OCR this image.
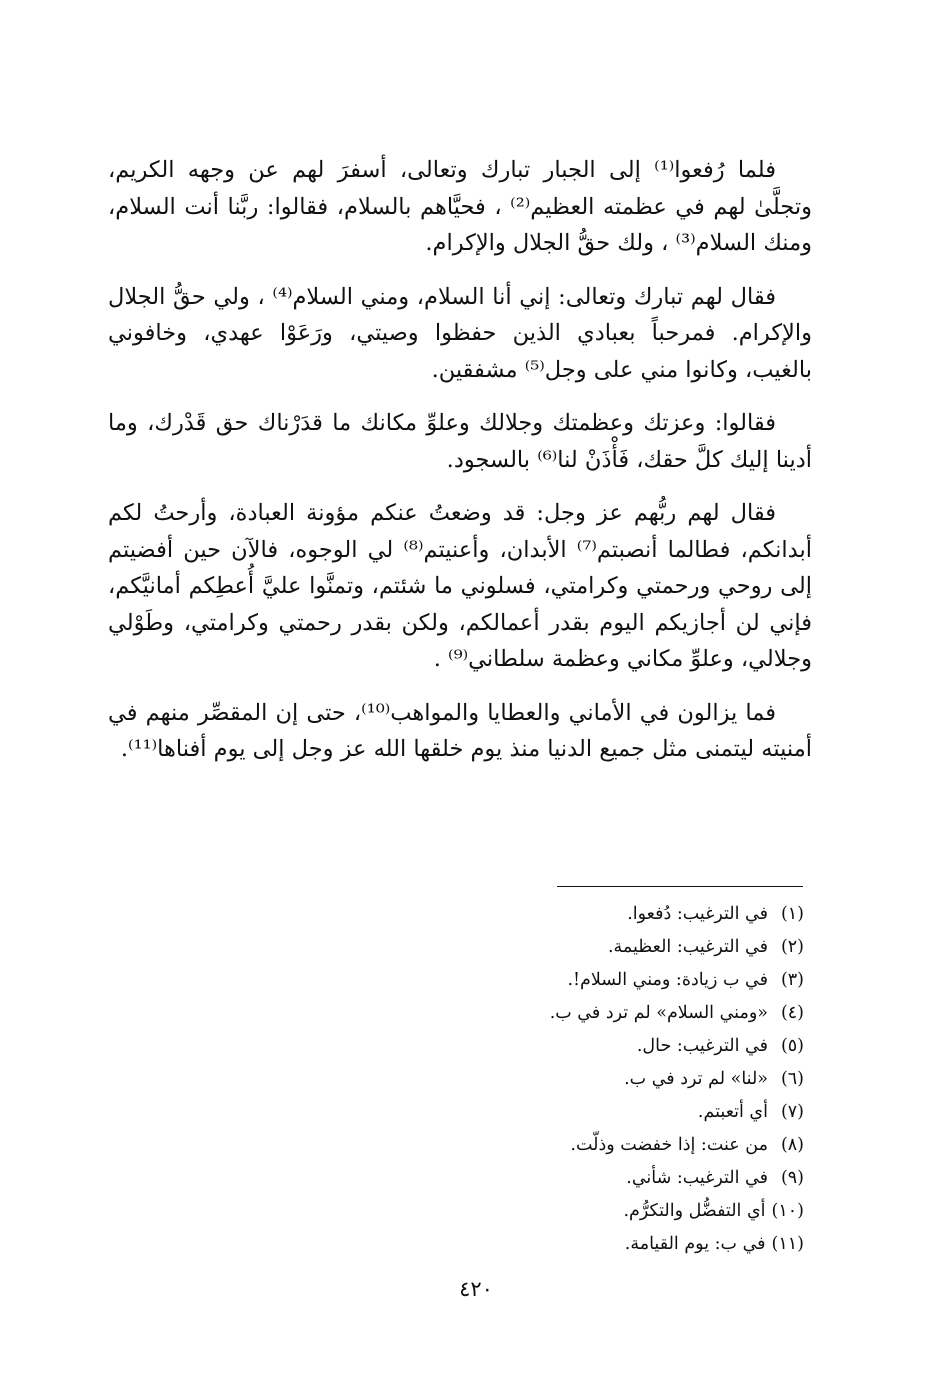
فلما رُفعوا⁽¹⁾ إلى الجبار تبارك وتعالى، أسفرَ لهم عن وجهه الكريم، وتجلَّىٰ لهم في عظمته العظيم⁽²⁾ ، فحيَّاهم بالسلام، فقالوا: ربَّنا أنت السلام، ومنك السلام⁽³⁾ ، ولك حقُّ الجلال والإكرام.

فقال لهم تبارك وتعالى: إني أنا السلام، ومني السلام⁽⁴⁾ ، ولي حقُّ الجلال والإكرام. فمرحباً بعبادي الذين حفظوا وصيتي، ورَعَوْا عهدي، وخافوني بالغيب، وكانوا مني على وجل⁽⁵⁾ مشفقين.

فقالوا: وعزتك وعظمتك وجلالك وعلوِّ مكانك ما قدَرْناك حق قَدْرك، وما أدينا إليك كلَّ حقك، فَأْذَنْ لنا⁽⁶⁾ بالسجود.

فقال لهم ربُّهم عز وجل: قد وضعتُ عنكم مؤونة العبادة، وأرحتُ لكم أبدانكم، فطالما أنصبتم⁽⁷⁾ الأبدان، وأعنيتم⁽⁸⁾ لي الوجوه، فالآن حين أفضيتم إلى روحي ورحمتي وكرامتي، فسلوني ما شئتم، وتمنَّوا عليَّ أُعطِكم أمانيَّكم، فإني لن أجازيكم اليوم بقدر أعمالكم، ولكن بقدر رحمتي وكرامتي، وطَوْلي وجلالي، وعلوِّ مكاني وعظمة سلطاني⁽⁹⁾ .

فما يزالون في الأماني والعطايا والمواهب⁽¹⁰⁾، حتى إن المقصِّر منهم في أمنيته ليتمنى مثل جميع الدنيا منذ يوم خلقها الله عز وجل إلى يوم أفناها⁽¹¹⁾.

(١)في الترغيب: دُفعوا.
(٢)في الترغيب: العظيمة.
(٣)في ب زيادة: ومني السلام!.
(٤)«ومني السلام» لم ترد في ب.
(٥)في الترغيب: حال.
(٦)«لنا» لم ترد في ب.
(٧)أي أتعبتم.
(٨)من عنت: إذا خفضت وذلّت.
(٩)في الترغيب: شأني.
(١٠)أي التفضُّل والتكرُّم.
(١١)في ب: يوم القيامة.
٤٢٠
